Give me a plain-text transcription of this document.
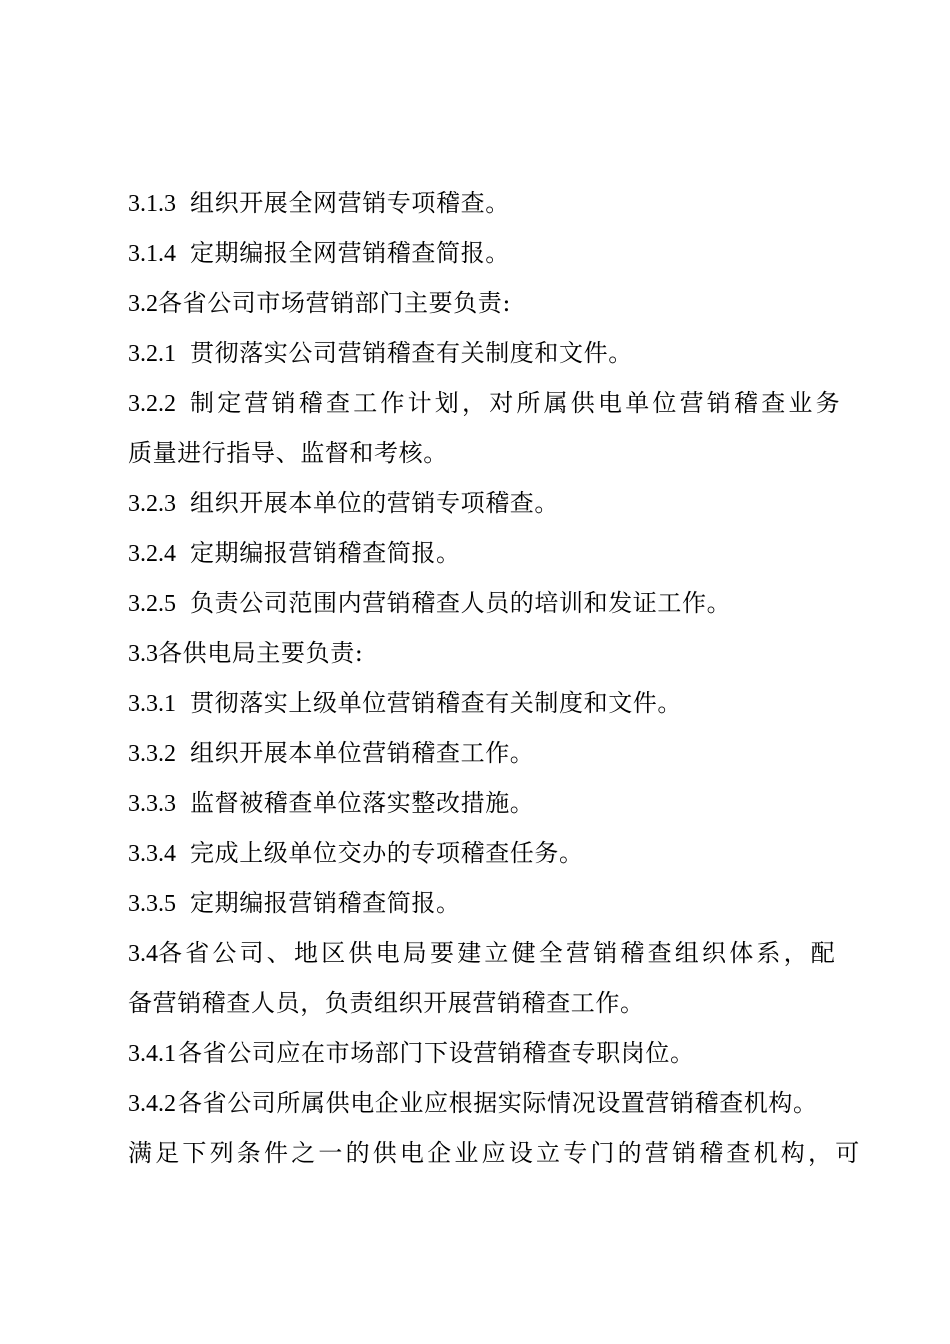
3.1.3 组织开展全网营销专项稽查。
3.1.4 定期编报全网营销稽查简报。
3.2各省公司市场营销部门主要负责:
3.2.1 贯彻落实公司营销稽查有关制度和文件。
3.2.2 制定营销稽查工作计划，对所属供电单位营销稽查业务
质量进行指导、监督和考核。
3.2.3 组织开展本单位的营销专项稽查。
3.2.4 定期编报营销稽查简报。
3.2.5 负责公司范围内营销稽查人员的培训和发证工作。
3.3各供电局主要负责:
3.3.1 贯彻落实上级单位营销稽查有关制度和文件。
3.3.2 组织开展本单位营销稽查工作。
3.3.3 监督被稽查单位落实整改措施。
3.3.4 完成上级单位交办的专项稽查任务。
3.3.5 定期编报营销稽查简报。
3.4各省公司、地区供电局要建立健全营销稽查组织体系，配
备营销稽查人员，负责组织开展营销稽查工作。
3.4.1各省公司应在市场部门下设营销稽查专职岗位。
3.4.2各省公司所属供电企业应根据实际情况设置营销稽查机构。
满足下列条件之一的供电企业应设立专门的营销稽查机构，可
